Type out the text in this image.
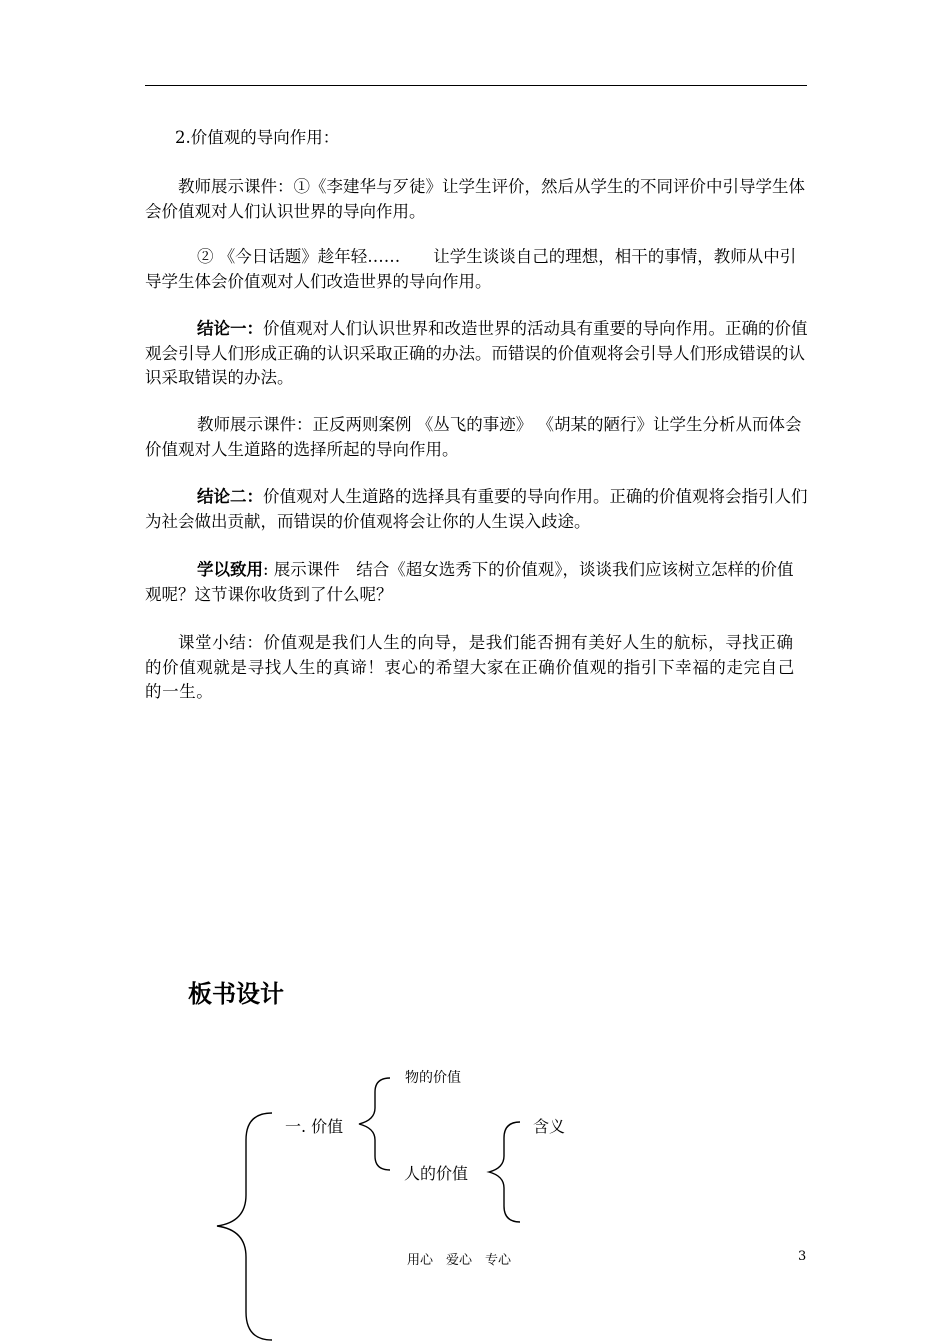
2.价值观的导向作用：

教师展示课件：①《李建华与歹徒》让学生评价，然后从学生的不同评价中引导学生体会价值观对人们认识世界的导向作用。

② 《今日话题》趁年轻……　　让学生谈谈自己的理想，相干的事情，教师从中引导学生体会价值观对人们改造世界的导向作用。

结论一：价值观对人们认识世界和改造世界的活动具有重要的导向作用。正确的价值观会引导人们形成正确的认识采取正确的办法。而错误的价值观将会引导人们形成错误的认识采取错误的办法。

教师展示课件：正反两则案例 《丛飞的事迹》 《胡某的陋行》让学生分析从而体会价值观对人生道路的选择所起的导向作用。

结论二：价值观对人生道路的选择具有重要的导向作用。正确的价值观将会指引人们为社会做出贡献，而错误的价值观将会让你的人生误入歧途。

学以致用: 展示课件　结合《超女选秀下的价值观》，谈谈我们应该树立怎样的价值观呢？这节课你收货到了什么呢？

课堂小结：价值观是我们人生的向导，是我们能否拥有美好人生的航标，寻找正确的价值观就是寻找人生的真谛！衷心的希望大家在正确价值观的指引下幸福的走完自己的一生。

板书设计
一. 价值
物的价值
人的价值
含义
用心　爱心　专心	3
